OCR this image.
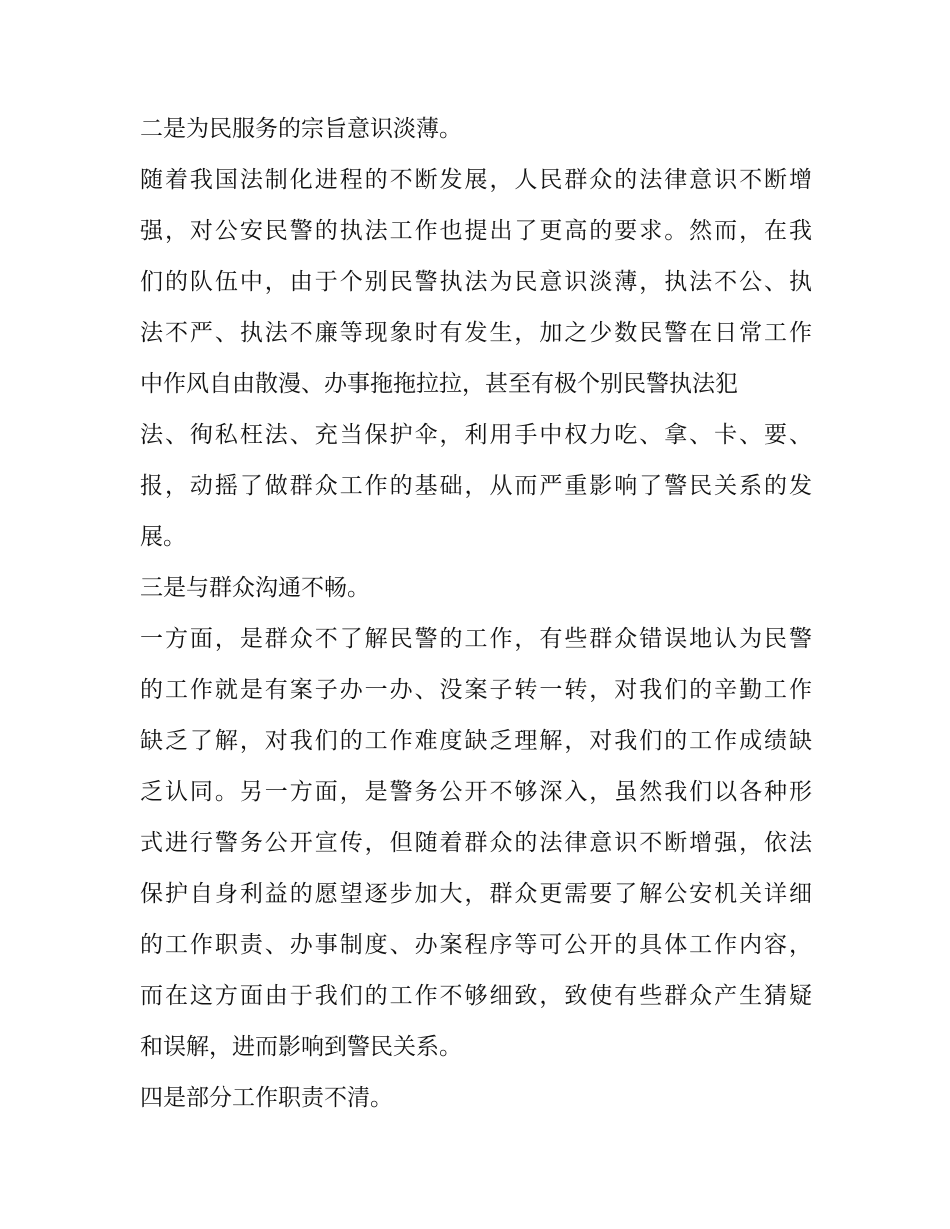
二是为民服务的宗旨意识淡薄。
随着我国法制化进程的不断发展，人民群众的法律意识不断增
强，对公安民警的执法工作也提出了更高的要求。然而，在我
们的队伍中，由于个别民警执法为民意识淡薄，执法不公、执
法不严、执法不廉等现象时有发生，加之少数民警在日常工作
中作风自由散漫、办事拖拖拉拉，甚至有极个别民警执法犯
法、徇私枉法、充当保护伞，利用手中权力吃、拿、卡、要、
报，动摇了做群众工作的基础，从而严重影响了警民关系的发
展。
三是与群众沟通不畅。
一方面，是群众不了解民警的工作，有些群众错误地认为民警
的工作就是有案子办一办、没案子转一转，对我们的辛勤工作
缺乏了解，对我们的工作难度缺乏理解，对我们的工作成绩缺
乏认同。另一方面，是警务公开不够深入，虽然我们以各种形
式进行警务公开宣传，但随着群众的法律意识不断增强，依法
保护自身利益的愿望逐步加大，群众更需要了解公安机关详细
的工作职责、办事制度、办案程序等可公开的具体工作内容，
而在这方面由于我们的工作不够细致，致使有些群众产生猜疑
和误解，进而影响到警民关系。
四是部分工作职责不清。
